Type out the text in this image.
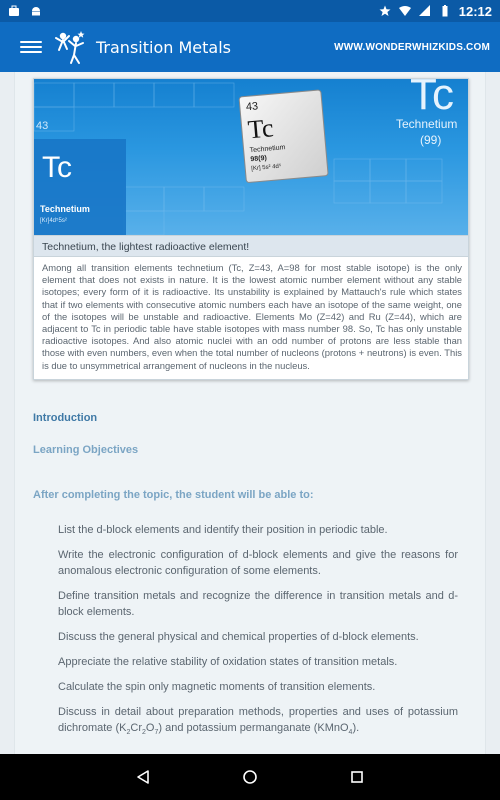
12:12
Transition Metals	WWW.WONDERWHIZKIDS.COM
43
Tc
Technetium
[Kr]4d⁵5s²
Tc
Technetium
(99)
43
Tc
Technetium
98(9)
[Kr] 5s² 4d⁵
Technetium, the lightest radioactive element!

Among all transition elements technetium (Tc, Z=43, A=98 for most stable isotope) is the only element that does not exists in nature. It is the lowest atomic number element without any stable isotopes; every form of it is radioactive. Its unstability is explained by Mattauch's rule which states that if two elements with consecutive atomic numbers each have an isotope of the same weight, one of the isotopes will be unstable and radioactive. Elements Mo (Z=42) and Ru (Z=44), which are adjacent to Tc in periodic table have stable isotopes with mass number 98. So, Tc has only unstable radioactive isotopes. And also atomic nuclei with an odd number of protons are less stable than those with even numbers, even when the total number of nucleons (protons + neutrons) is even. This is due to unsymmetrical arrangement of nucleons in the nucleus.

Introduction
Learning Objectives
After completing the topic, the student will be able to:
List the d-block elements and identify their position in periodic table.
Write the electronic configuration of d-block elements and give the reasons for anomalous electronic configuration of some elements.
Define transition metals and recognize the difference in transition metals and d-block elements.
Discuss the general physical and chemical properties of d-block elements.
Appreciate the relative stability of oxidation states of transition metals.
Calculate the spin only magnetic moments of transition elements.
Discuss in detail about preparation methods, properties and uses of potassium dichromate $(K_2Cr_2O_7)$ and potassium permanganate (KMnO$_4$).
